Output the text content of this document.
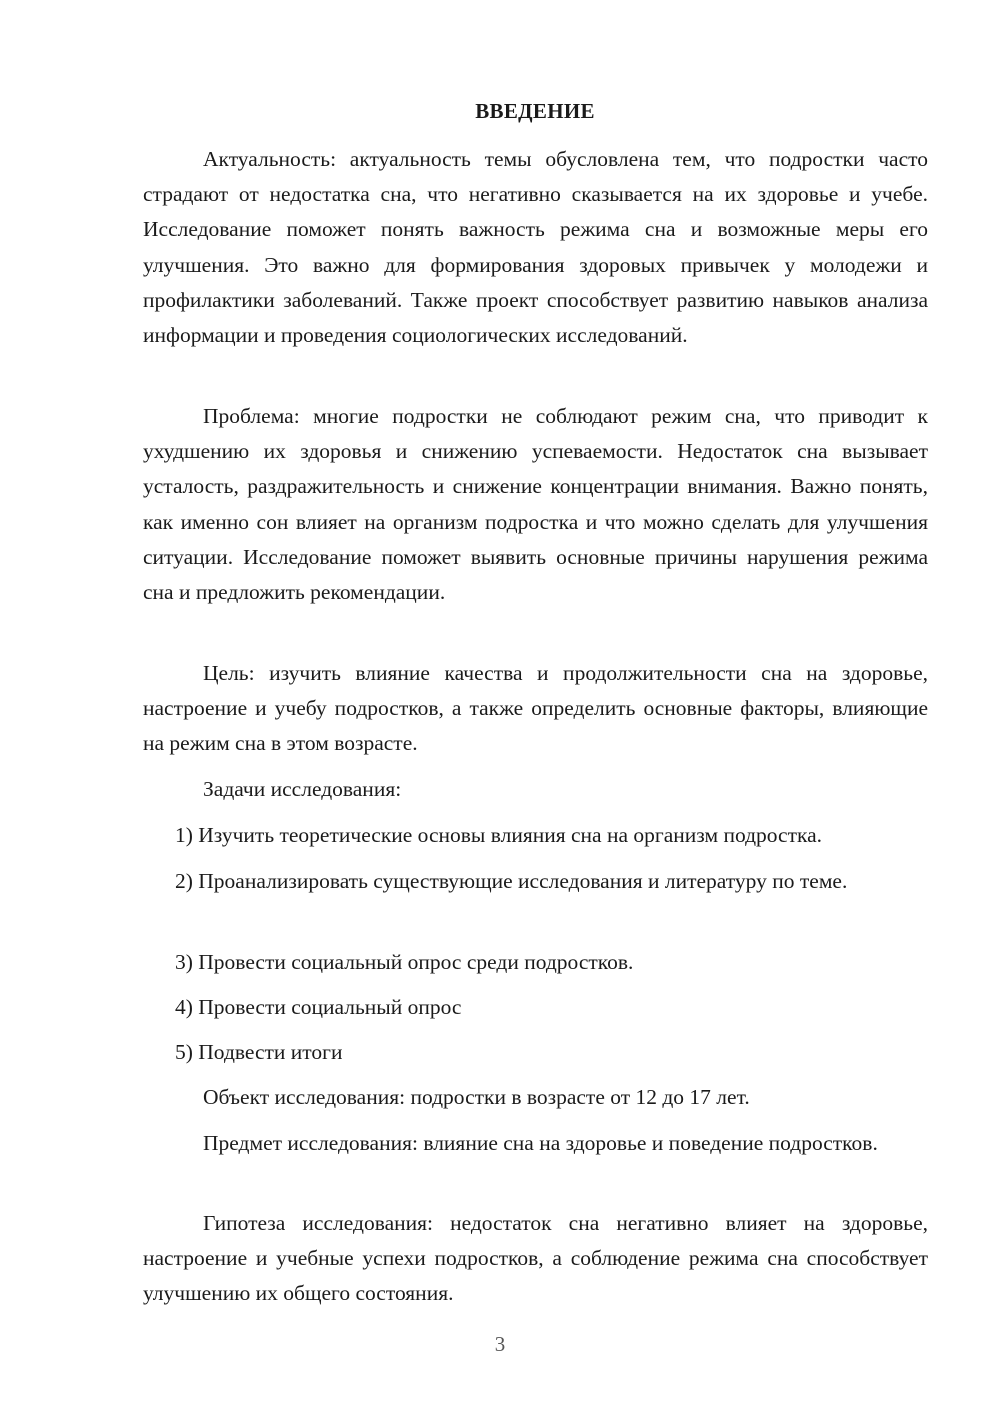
ВВЕДЕНИЕ

Актуальность: актуальность темы обусловлена тем, что подростки часто страдают от недостатка сна, что негативно сказывается на их здоровье и учебе. Исследование поможет понять важность режима сна и возможные меры его улучшения. Это важно для формирования здоровых привычек у молодежи и профилактики заболеваний. Также проект способствует развитию навыков анализа информации и проведения социологических исследований.

Проблема: многие подростки не соблюдают режим сна, что приводит к ухудшению их здоровья и снижению успеваемости. Недостаток сна вызывает усталость, раздражительность и снижение концентрации внимания. Важно понять, как именно сон влияет на организм подростка и что можно сделать для улучшения ситуации. Исследование поможет выявить основные причины нарушения режима сна и предложить рекомендации.

Цель: изучить влияние качества и продолжительности сна на здоровье, настроение и учебу подростков, а также определить основные факторы, влияющие на режим сна в этом возрасте.

Задачи исследования:

1) Изучить теоретические основы влияния сна на организм подростка.

2) Проанализировать существующие исследования и литературу по теме.

3) Провести социальный опрос среди подростков.

4) Провести социальный опрос

5) Подвести итоги

Объект исследования: подростки в возрасте от 12 до 17 лет.

Предмет исследования: влияние сна на здоровье и поведение подростков.

Гипотеза исследования: недостаток сна негативно влияет на здоровье, настроение и учебные успехи подростков, а соблюдение режима сна способствует улучшению их общего состояния.

3
